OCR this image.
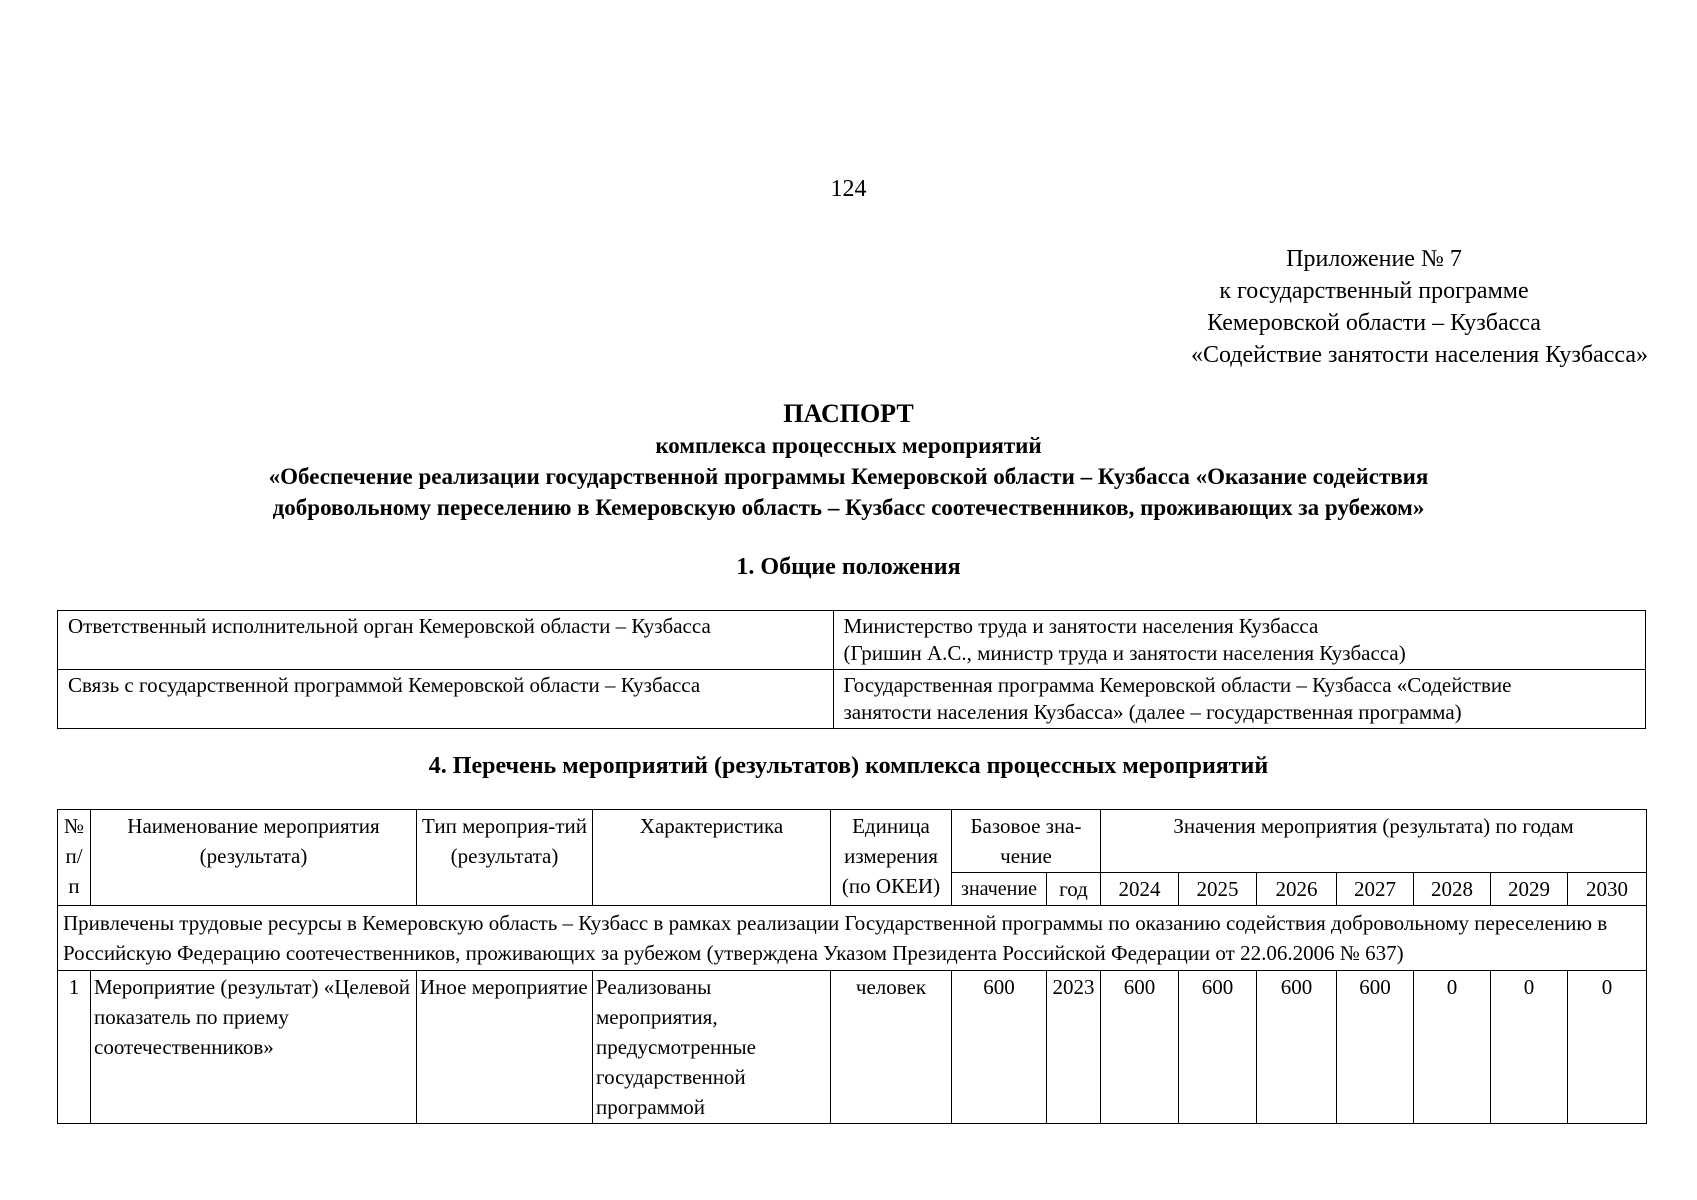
124
Приложение № 7
к государственный программе
Кемеровской области – Кузбасса
«Содействие занятости населения Кузбасса»
ПАСПОРТ
комплекса процессных мероприятий
«Обеспечение реализации государственной программы Кемеровской области – Кузбасса «Оказание содействия
добровольному переселению в Кемеровскую область – Кузбасс соотечественников, проживающих за рубежом»
1. Общие положения
Ответственный исполнительной орган Кемеровской области – Кузбасса	Министерство труда и занятости населения Кузбасса
(Гришин А.С., министр труда и занятости населения Кузбасса)

Связь с государственной программой Кемеровской области – Кузбасса	Государственная программа Кемеровской области – Кузбасса «Содействие
занятости населения Кузбасса» (далее – государственная программа)
4. Перечень мероприятий (результатов) комплекса процессных мероприятий
№ п/п	Наименование мероприятия (результата)	Тип мероприя-тий (результата)	Характеристика	Единица измерения (по ОКЕИ)	Базовое зна-чение		Значения мероприятия (результата) по годам						
					значение	год	2024	2025	2026	2027	2028	2029	2030
Привлечены трудовые ресурсы в Кемеровскую область – Кузбасс в рамках реализации Государственной программы по оказанию содействия добровольному переселению в Российскую Федерацию соотечественников, проживающих за рубежом (утверждена Указом Президента Российской Федерации от 22.06.2006 № 637)													
1	Мероприятие (результат) «Целевой показатель по приему соотечественников»	Иное мероприятие	Реализованы мероприятия, предусмотренные государственной программой	человек	600	2023	600	600	600	600	0	0	0
